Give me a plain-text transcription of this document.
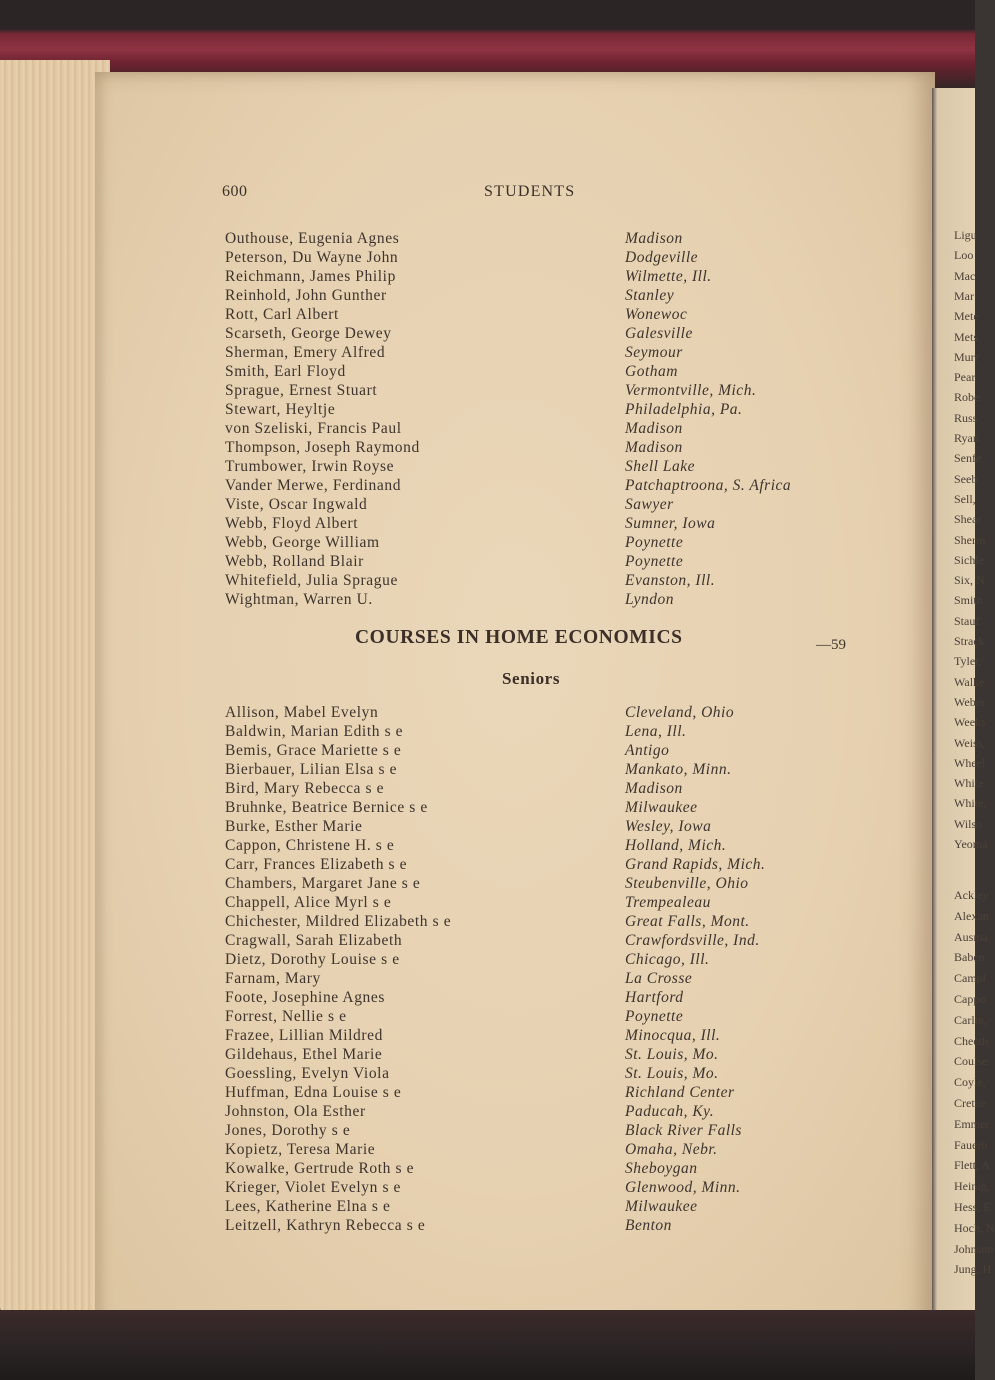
Ligu
Loo
Mac
Mar
Mete
Mets
Murr
Pear
Robe
Russ
Ryan
Senfe
Seeb
Sell,
Shear
Sherm
Sichle
Six, N
Smith
Stauf
Strack
Tyler,
Walke
Weber
Weeks
Weiss,
Wheel
White
White,
Wilso
Yeoma
Ackley
Alexan
Ausma
Baben
Campl
Cappo
Carlin,
Cheeth
Coulse
Coyle,
Cretne
Emmer
Fauerb
Flett, A
Heinig,
Hess, E
Hoch, N
Johnson
Jung, H
600	STUDENTS
Outhouse, Eugenia Agnes	Madison
Peterson, Du Wayne John	Dodgeville
Reichmann, James Philip	Wilmette, Ill.
Reinhold, John Gunther	Stanley
Rott, Carl Albert	Wonewoc
Scarseth, George Dewey	Galesville
Sherman, Emery Alfred	Seymour
Smith, Earl Floyd	Gotham
Sprague, Ernest Stuart	Vermontville, Mich.
Stewart, Heyltje	Philadelphia, Pa.
von Szeliski, Francis Paul	Madison
Thompson, Joseph Raymond	Madison
Trumbower, Irwin Royse	Shell Lake
Vander Merwe, Ferdinand	Patchaptroona, S. Africa
Viste, Oscar Ingwald	Sawyer
Webb, Floyd Albert	Sumner, Iowa
Webb, George William	Poynette
Webb, Rolland Blair	Poynette
Whitefield, Julia Sprague	Evanston, Ill.
Wightman, Warren U.	Lyndon
—59
COURSES IN HOME ECONOMICS
Seniors
Allison, Mabel Evelyn	Cleveland, Ohio
Baldwin, Marian Edith s e	Lena, Ill.
Bemis, Grace Mariette s e	Antigo
Bierbauer, Lilian Elsa s e	Mankato, Minn.
Bird, Mary Rebecca s e	Madison
Bruhnke, Beatrice Bernice s e	Milwaukee
Burke, Esther Marie	Wesley, Iowa
Cappon, Christene H. s e	Holland, Mich.
Carr, Frances Elizabeth s e	Grand Rapids, Mich.
Chambers, Margaret Jane s e	Steubenville, Ohio
Chappell, Alice Myrl s e	Trempealeau
Chichester, Mildred Elizabeth s e	Great Falls, Mont.
Cragwall, Sarah Elizabeth	Crawfordsville, Ind.
Dietz, Dorothy Louise s e	Chicago, Ill.
Farnam, Mary	La Crosse
Foote, Josephine Agnes	Hartford
Forrest, Nellie s e	Poynette
Frazee, Lillian Mildred	Minocqua, Ill.
Gildehaus, Ethel Marie	St. Louis, Mo.
Goessling, Evelyn Viola	St. Louis, Mo.
Huffman, Edna Louise s e	Richland Center
Johnston, Ola Esther	Paducah, Ky.
Jones, Dorothy s e	Black River Falls
Kopietz, Teresa Marie	Omaha, Nebr.
Kowalke, Gertrude Roth s e	Sheboygan
Krieger, Violet Evelyn s e	Glenwood, Minn.
Lees, Katherine Elna s e	Milwaukee
Leitzell, Kathryn Rebecca s e	Benton
